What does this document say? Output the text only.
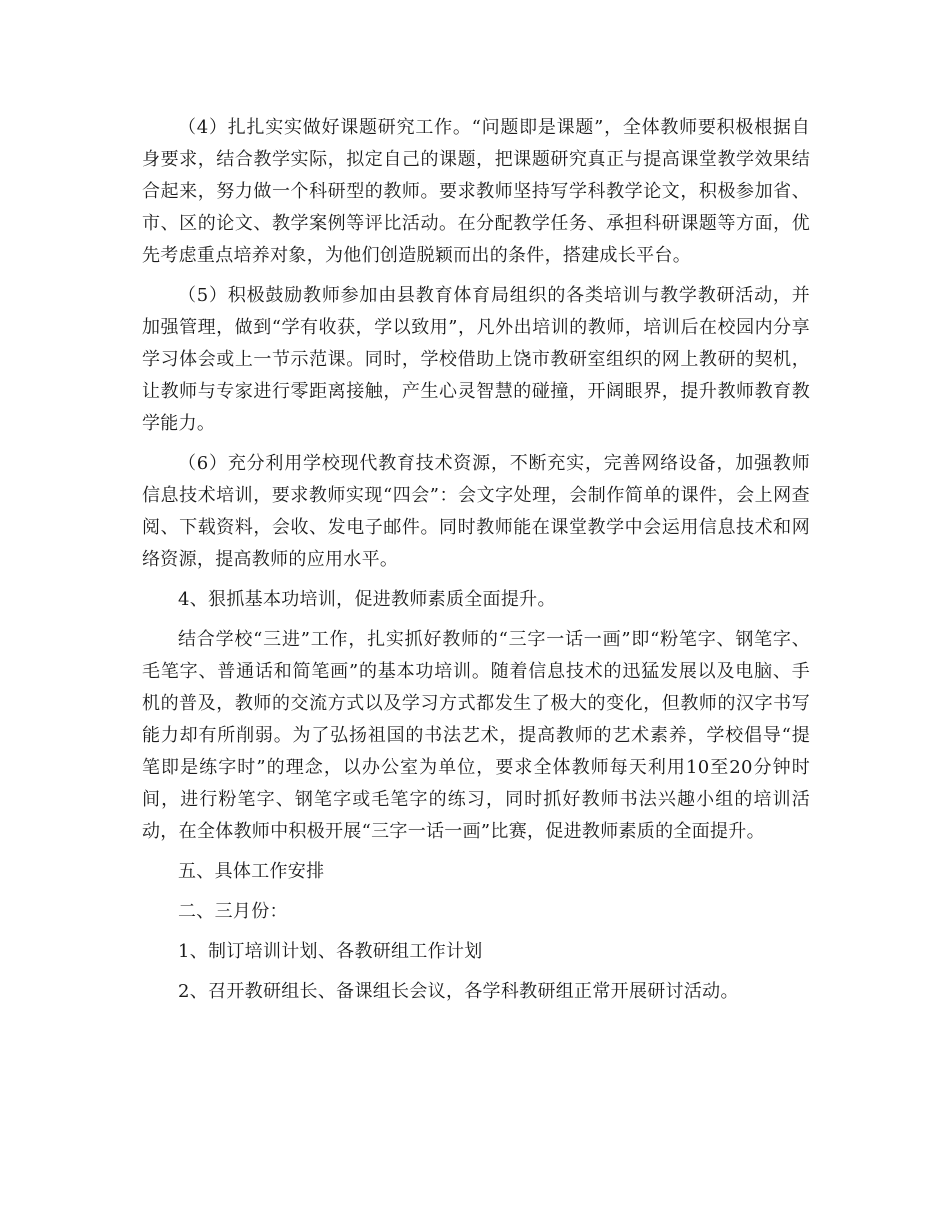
（4）扎扎实实做好课题研究工作。“问题即是课题”，全体教师要积极根据自身要求，结合教学实际，拟定自己的课题，把课题研究真正与提高课堂教学效果结合起来，努力做一个科研型的教师。要求教师坚持写学科教学论文，积极参加省、市、区的论文、教学案例等评比活动。在分配教学任务、承担科研课题等方面，优先考虑重点培养对象，为他们创造脱颖而出的条件，搭建成长平台。

（5）积极鼓励教师参加由县教育体育局组织的各类培训与教学教研活动，并加强管理，做到“学有收获，学以致用”，凡外出培训的教师，培训后在校园内分享学习体会或上一节示范课。同时，学校借助上饶市教研室组织的网上教研的契机，让教师与专家进行零距离接触，产生心灵智慧的碰撞，开阔眼界，提升教师教育教学能力。

（6）充分利用学校现代教育技术资源，不断充实，完善网络设备，加强教师信息技术培训，要求教师实现“四会”：会文字处理，会制作简单的课件，会上网查阅、下载资料，会收、发电子邮件。同时教师能在课堂教学中会运用信息技术和网络资源，提高教师的应用水平。

4、狠抓基本功培训，促进教师素质全面提升。

结合学校“三进”工作，扎实抓好教师的“三字一话一画”即“粉笔字、钢笔字、毛笔字、普通话和简笔画”的基本功培训。随着信息技术的迅猛发展以及电脑、手机的普及，教师的交流方式以及学习方式都发生了极大的变化，但教师的汉字书写能力却有所削弱。为了弘扬祖国的书法艺术，提高教师的艺术素养，学校倡导“提笔即是练字时”的理念，以办公室为单位，要求全体教师每天利用10至20分钟时间，进行粉笔字、钢笔字或毛笔字的练习，同时抓好教师书法兴趣小组的培训活动，在全体教师中积极开展“三字一话一画”比赛，促进教师素质的全面提升。

五、具体工作安排

二、三月份：

1、制订培训计划、各教研组工作计划

2、召开教研组长、备课组长会议，各学科教研组正常开展研讨活动。
